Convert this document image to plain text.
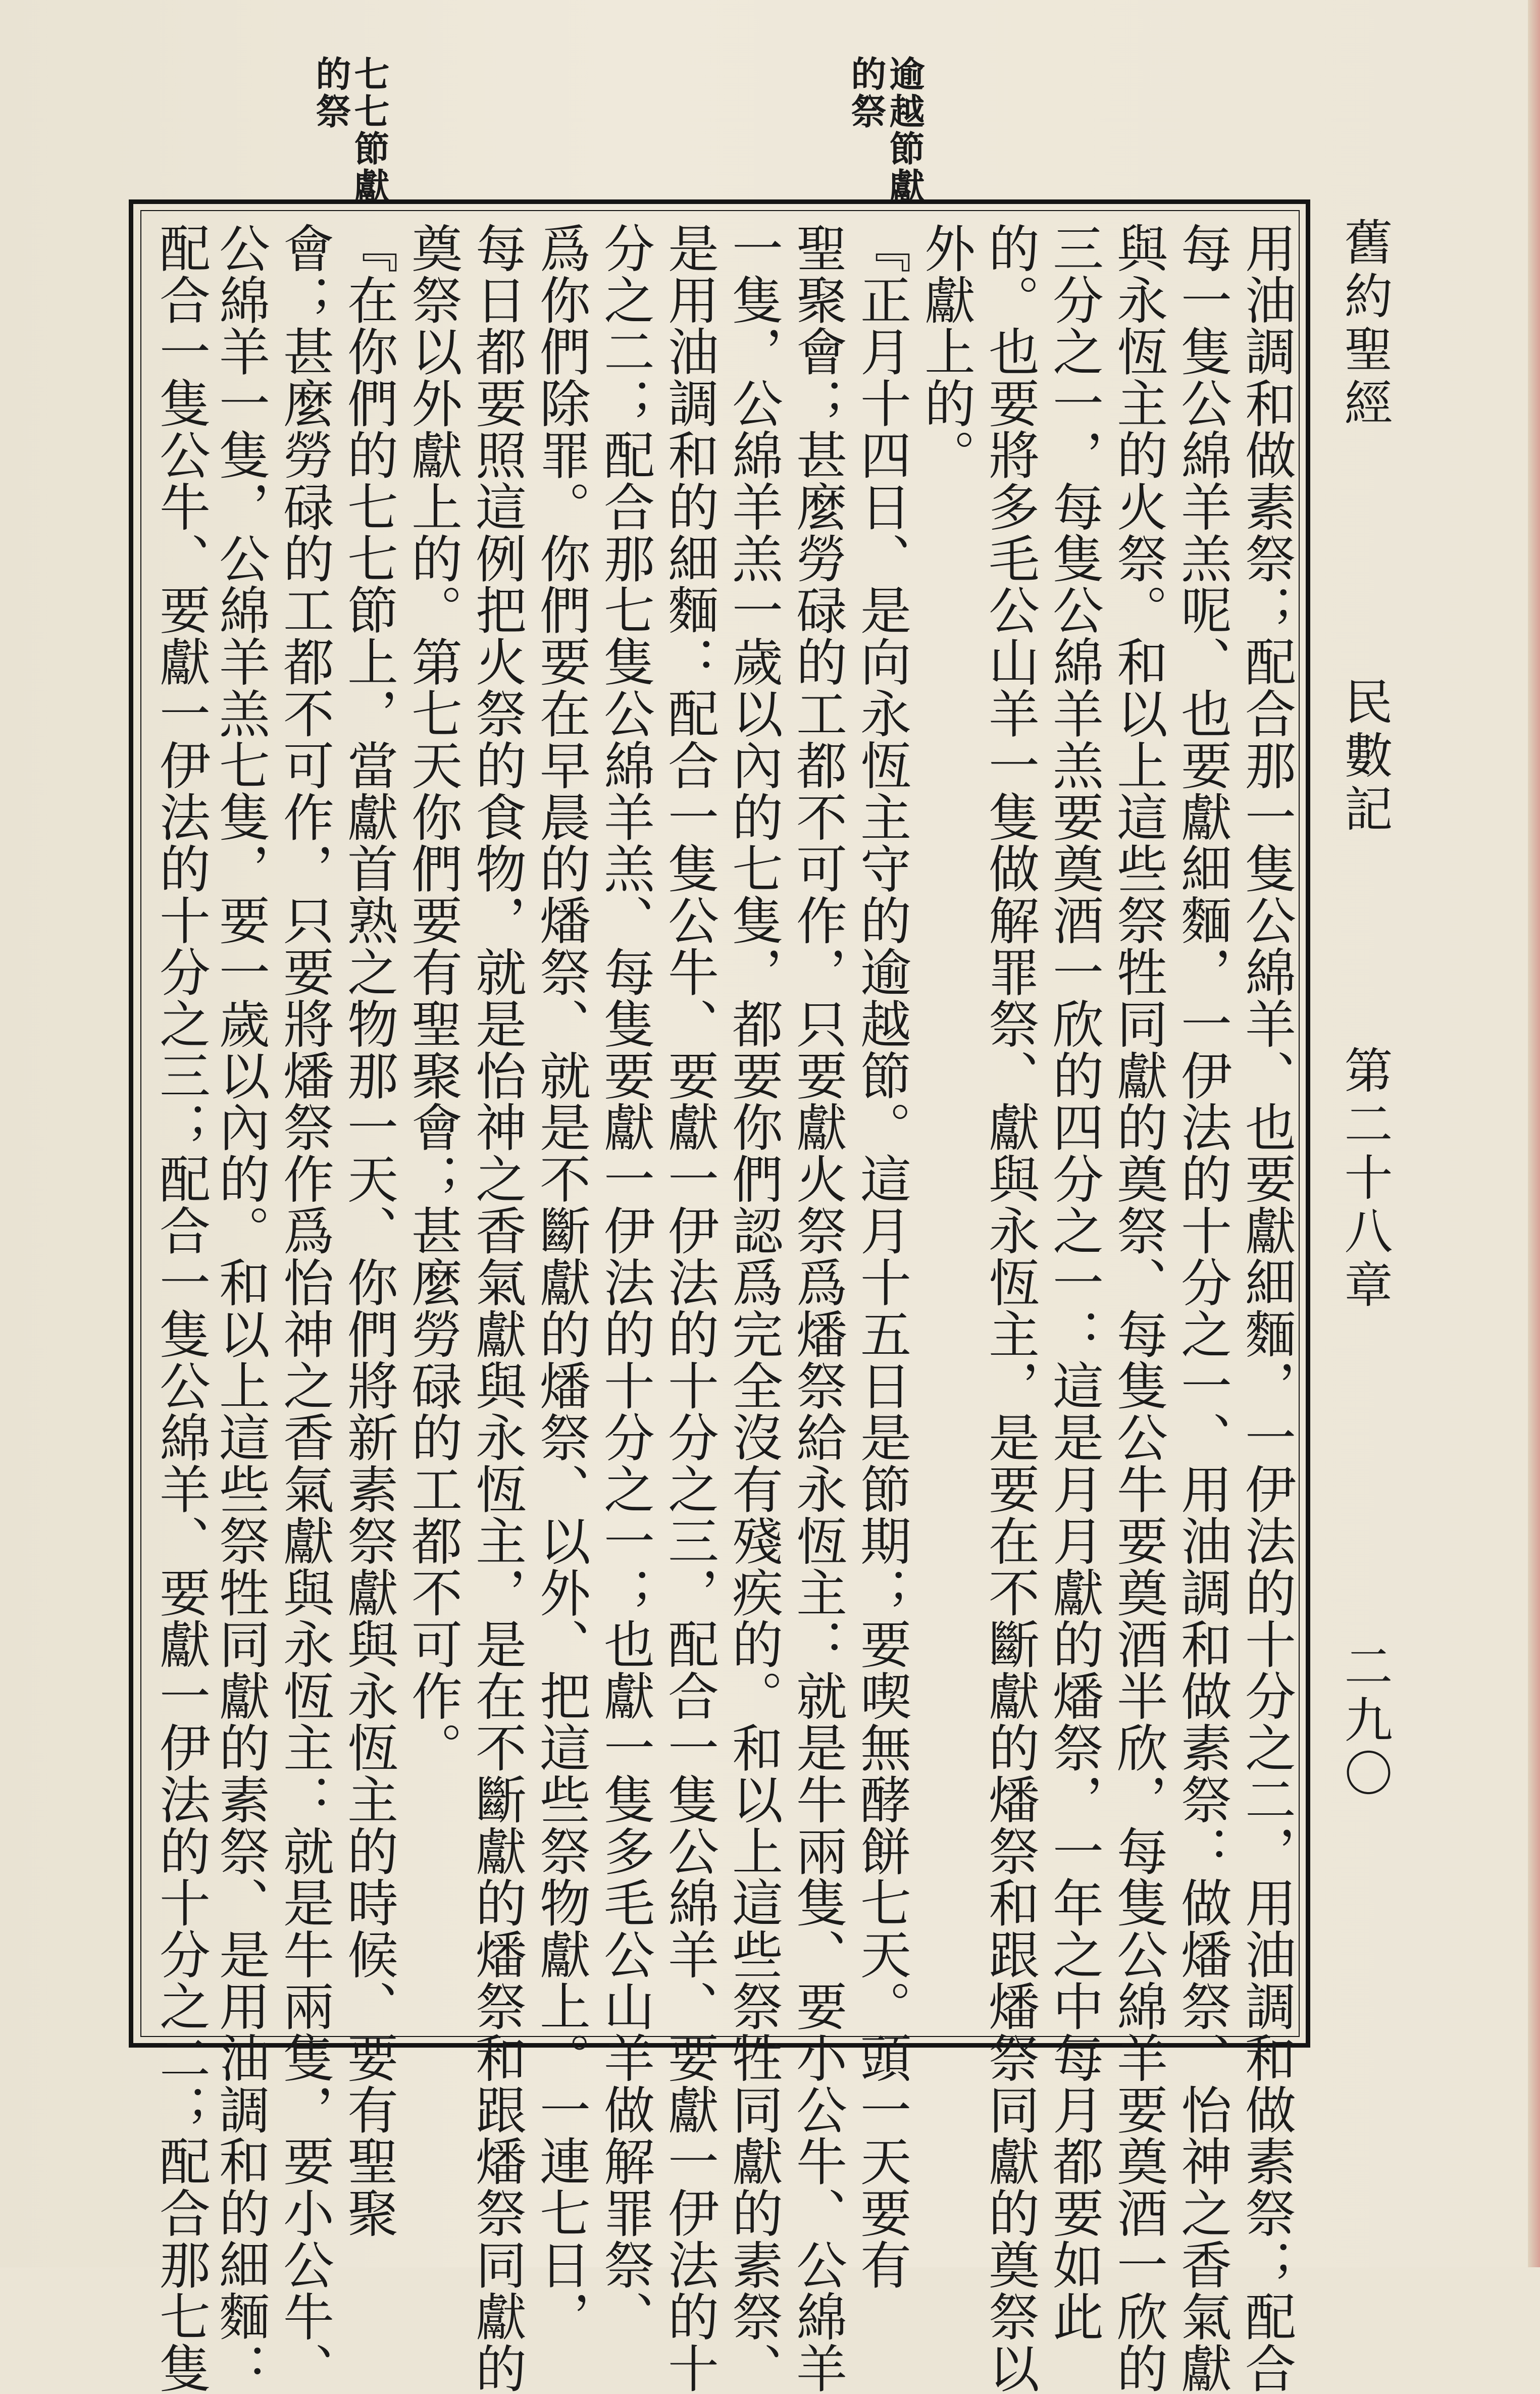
逾越節獻
的祭
七七節獻
的祭
舊約聖經
民數記
第二十八章
二九〇
用油調和做素祭；配合那一隻公綿羊、也要獻細麵，一伊法的十分之二，用油調和做素祭；配合
每一隻公綿羊羔呢、也要獻細麵，一伊法的十分之一、用油調和做素祭：做燔祭、怡神之香氣獻
與永恆主的火祭。和以上這些祭牲同獻的奠祭、每隻公牛要奠酒半欣，每隻公綿羊要奠酒一欣的
三分之一，每隻公綿羊羔要奠酒一欣的四分之一：這是月月獻的燔祭，一年之中每月都要如此
的。也要將多毛公山羊一隻做解罪祭、獻與永恆主，是要在不斷獻的燔祭和跟燔祭同獻的奠祭以
外獻上的。
『正月十四日、是向永恆主守的逾越節。這月十五日是節期；要喫無酵餅七天。頭一天要有
聖聚會；甚麼勞碌的工都不可作，只要獻火祭爲燔祭給永恆主：就是牛兩隻、要小公牛、公綿羊
一隻，公綿羊羔一歲以內的七隻，都要你們認爲完全沒有殘疾的。和以上這些祭牲同獻的素祭、
是用油調和的細麵：配合一隻公牛、要獻一伊法的十分之三，配合一隻公綿羊、要獻一伊法的十
分之二；配合那七隻公綿羊羔、每隻要獻一伊法的十分之一；也獻一隻多毛公山羊做解罪祭、
爲你們除罪。你們要在早晨的燔祭、就是不斷獻的燔祭、以外、把這些祭物獻上。一連七日，
每日都要照這例把火祭的食物，就是怡神之香氣獻與永恆主，是在不斷獻的燔祭和跟燔祭同獻的
奠祭以外獻上的。第七天你們要有聖聚會；甚麼勞碌的工都不可作。
『在你們的七七節上，當獻首熟之物那一天、你們將新素祭獻與永恆主的時候、要有聖聚
會；甚麼勞碌的工都不可作，只要將燔祭作爲怡神之香氣獻與永恆主：就是牛兩隻，要小公牛、
公綿羊一隻，公綿羊羔七隻，要一歲以內的。和以上這些祭牲同獻的素祭、是用油調和的細麵：
配合一隻公牛、要獻一伊法的十分之三；配合一隻公綿羊、要獻一伊法的十分之二；配合那七隻
